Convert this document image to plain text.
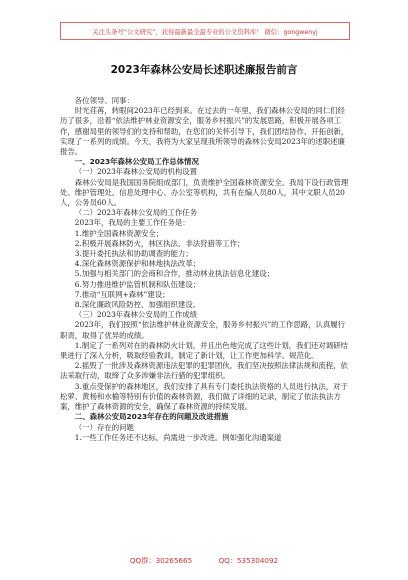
关注头条号“公文研究”，获得最新最全最专业的公文资料库！ 微信：gongwenyj
2023年森林公安局长述职述廉报告前言

各位领导、同事：

时光荏苒，转眼间2023年已经到来。在过去的一年里，我们森林公安局的同仁们经历了很多，沿着“依法维护林业资源安全，服务乡村振兴”的发展思路，积极开展各项工作，感谢局里的领导们的支持和帮助，在您们的关怀引导下，我们团结协作、开拓创新，实现了一系列的成绩。今天，我将为大家呈现我所领导的森林公安局2023年的述职述廉报告。

一、2023年森林公安局工作总体情况

（一）2023年森林公安局的机构设置

森林公安局是我国国务院组成部门，负责维护全国森林资源安全。我局下设行政管理处、维护管理处、信息处理中心、办公室等机构，共有在编人员80人，其中文职人员20人，公务员60人。

（二）2023年森林公安局的工作任务

2023年，我局的主要工作任务是：

1.维护全国森林资源安全；

2.积极开展森林防火，林区执法、非法狩猎等工作；

3.提升委托执法和协助调查的能力；

4.深化森林资源保护和林地执法改革；

5.加强与相关部门的会商和合作，推动林业执法信息化建设；

6.努力推进维护监管机制和队伍建设；

7.推动“互联网+森林”建设；

8.深化廉政风险防控、加强组织建设。

（三）2023年森林公安局的工作成绩

2023年，我们按照“依法维护林业资源安全，服务乡村振兴”的工作思路，认真履行职责，取得了优异的成绩。

1.制定了一系列对在的森林防火计划，并且出色地完成了这些计划，我们还对调研结果进行了深入分析，吸取经验教训，制定了新计划，让工作更加科学、规范化。

2.摇毁了一批涉及森林资源违法犯罪的犯罪团伙。我们坚决按照法律法规和流程，依法采取行动，取缔了众多涉嫌非法行猎的犯罪组织。

3.重点受保护的森林地区，我们安排了具有专门委托执法资格的人员进行执法，对于松萝、黄杨和水榆等特别有价值的森林资源，我们做了详细的记录，制定了依法执法方案，维护了森林资源的安全，确保了森林资源的持续发展。

二、森林公安局2023年存在的问题及改进措施

（一）存在的问题

1.一些工作任务还不达标，尚需进一步改进。例如强化沟通渠道

QQ群：30265665	QQ：535304092
